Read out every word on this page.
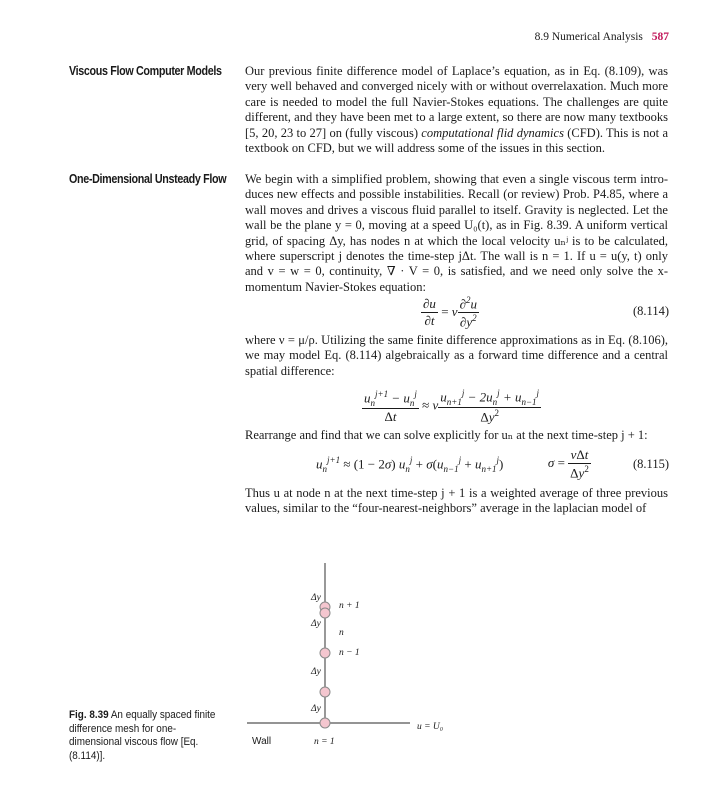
8.9 Numerical Analysis 587
Viscous Flow Computer Models Our previous finite difference model of Laplace’s equation, as in Eq. (8.109), was very well behaved and converged nicely with or without overrelaxation. Much more care is needed to model the full Navier-Stokes equations. The challenges are quite different, and they have been met to a large extent, so there are now many textbooks [5, 20, 23 to 27] on (fully viscous) computational flid dynamics (CFD). This is not a textbook on CFD, but we will address some of the issues in this section.
One-Dimensional Unsteady Flow We begin with a simplified problem, showing that even a single viscous term introduces new effects and possible instabilities. Recall (or review) Prob. P4.85, where a wall moves and drives a viscous fluid parallel to itself. Gravity is neglected. Let the wall be the plane y = 0, moving at a speed U₀(t), as in Fig. 8.39. A uniform vertical grid, of spacing Δy, has nodes n at which the local velocity uₙʲ is to be calculated, where superscript j denotes the time-step jΔt. The wall is n = 1. If u = u(y, t) only and v = w = 0, continuity, ∇ · V = 0, is satisfied, and we need only solve the x-momentum Navier-Stokes equation:
$\frac{\partial u}{\partial t} = \nu \frac{\partial^2u}{\partial y^2}$	(8.114)
where ν = μ/ρ. Utilizing the same finite difference approximations as in Eq. (8.106), we may model Eq. (8.114) algebraically as a forward time difference and a central spatial difference:
$\frac{u_n^{j+1} - u_n^j}{\Delta t} \approx \nu \frac{u_{n+1}^j - 2u_n^j + u_{n-1}^j}{\Delta y^2}$
Rearrange and find that we can solve explicitly for uₙ at the next time-step j + 1:
$u_n^{j+1} \approx (1 - 2\sigma) u_n^j + \sigma(u_{n-1}^j + u_{n+1}^j)$	$\sigma = \frac{\text{νΔt}}{\Delta y^2}$	(8.115)
Thus u at node n at the next time-step j + 1 is a weighted average of three previous values, similar to the “four-nearest-neighbors” average in the laplacian model of
n + 1
n − 1
n = 1
Δy
Δy
Δy
Δy
n
u = U₀
Wall
Fig. 8.39 An equally spaced finite difference mesh for one-dimensional viscous flow [Eq. (8.114)].
